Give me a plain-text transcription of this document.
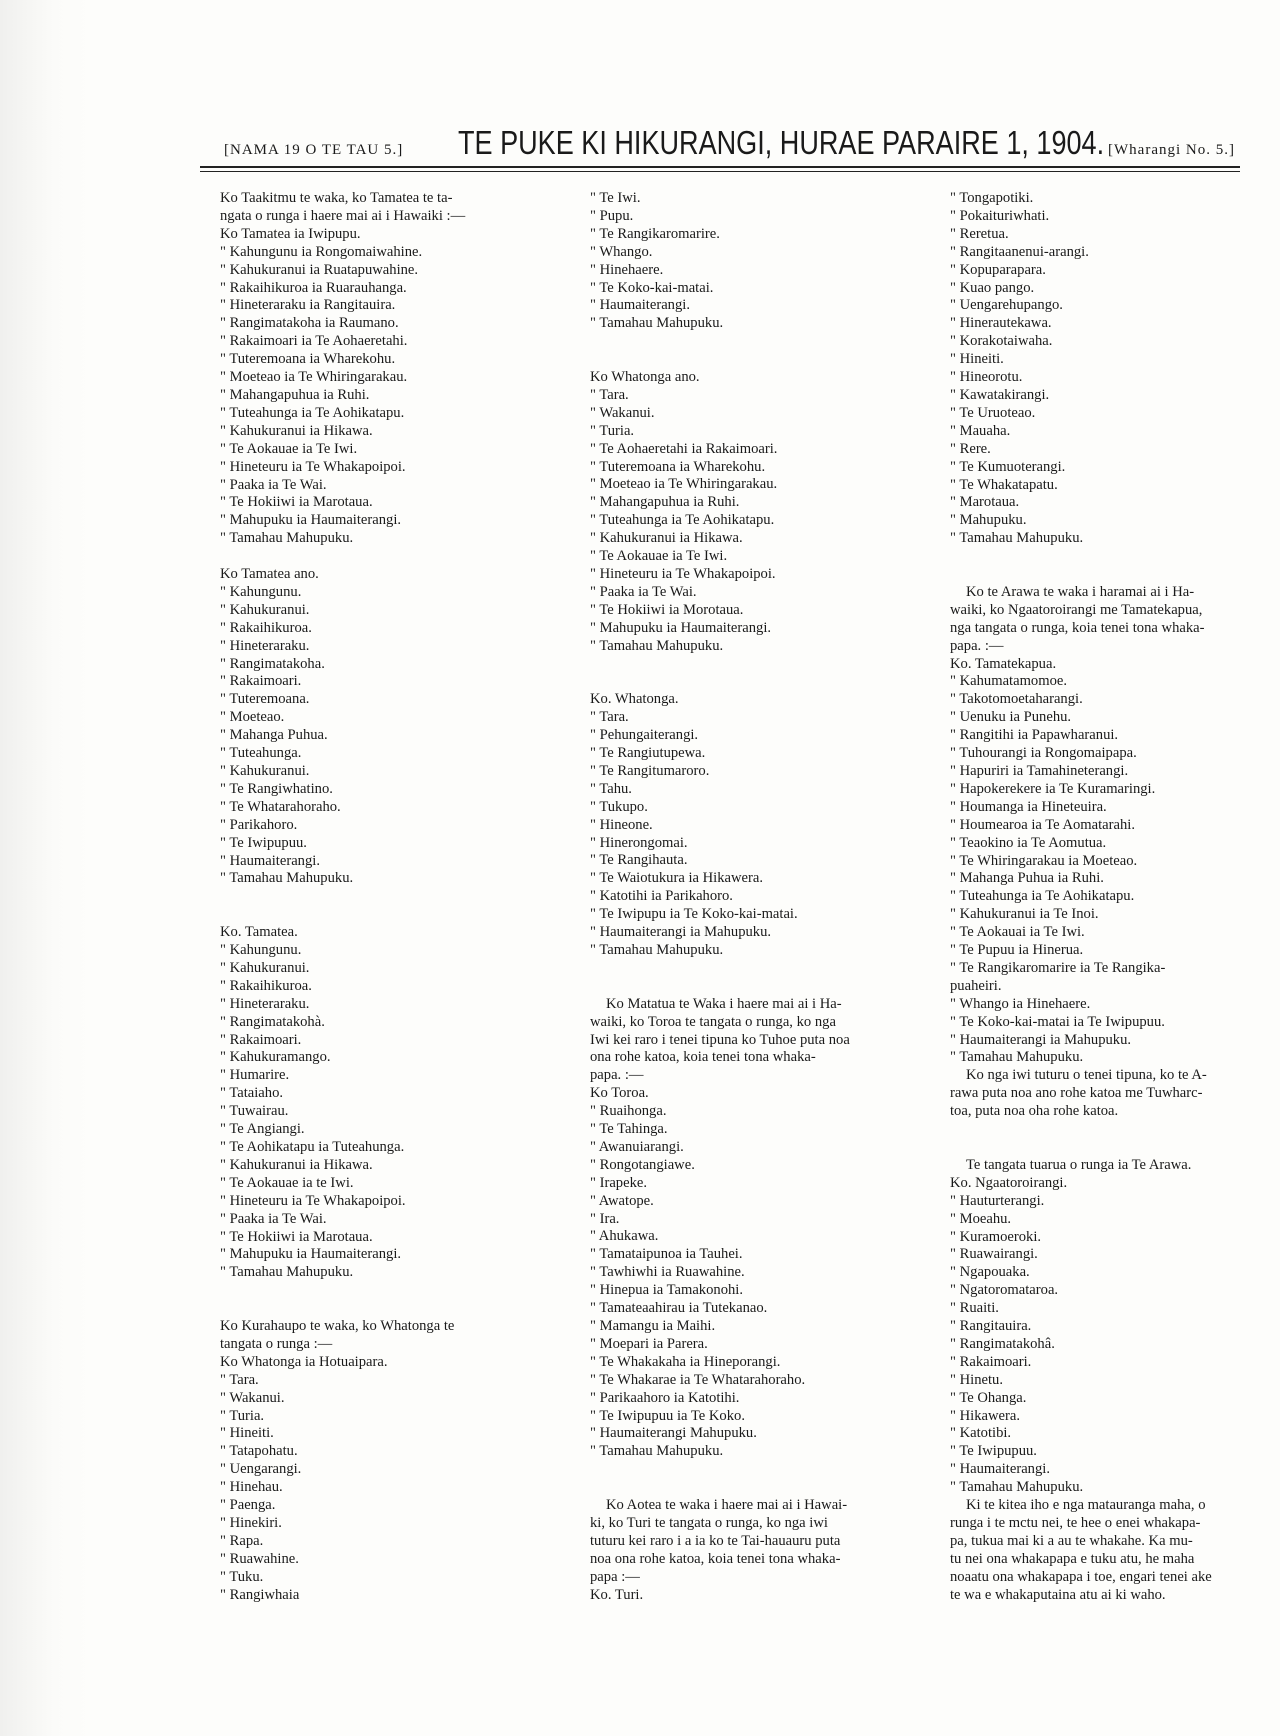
[NAMA 19 O TE TAU 5.] TE PUKE KI HIKURANGI, HURAE PARAIRE 1, 1904. [Wharangi No. 5.]
Ko Taakitmu te waka, ko Tamatea te ta-
ngata o runga i haere mai ai i Hawaiki :—
Ko Tamatea ia Iwipupu.
" Kahungunu ia Rongomaiwahine.
" Kahukuranui ia Ruatapuwahine.
" Rakaihikuroa ia Ruarauhanga.
" Hineteraraku ia Rangitauira.
" Rangimatakoha ia Raumano.
" Rakaimoari ia Te Aohaeretahi.
" Tuteremoana ia Wharekohu.
" Moeteao ia Te Whiringarakau.
" Mahangapuhua ia Ruhi.
" Tuteahunga ia Te Aohikatapu.
" Kahukuranui ia Hikawa.
" Te Aokauae ia Te Iwi.
" Hineteuru ia Te Whakapoipoi.
" Paaka ia Te Wai.
" Te Hokiiwi ia Marotaua.
" Mahupuku ia Haumaiterangi.
" Tamahau Mahupuku.
Ko Tamatea ano.
" Kahungunu.
" Kahukuranui.
" Rakaihikuroa.
" Hineteraraku.
" Rangimatakoha.
" Rakaimoari.
" Tuteremoana.
" Moeteao.
" Mahanga Puhua.
" Tuteahunga.
" Kahukuranui.
" Te Rangiwhatino.
" Te Whatarahoraho.
" Parikahoro.
" Te Iwipupuu.
" Haumaiterangi.
" Tamahau Mahupuku.
Ko. Tamatea.
" Kahungunu.
" Kahukuranui.
" Rakaihikuroa.
" Hineteraraku.
" Rangimatakohà.
" Rakaimoari.
" Kahukuramango.
" Humarire.
" Tataiaho.
" Tuwairau.
" Te Angiangi.
" Te Aohikatapu ia Tuteahunga.
" Kahukuranui ia Hikawa.
" Te Aokauae ia te Iwi.
" Hineteuru ia Te Whakapoipoi.
" Paaka ia Te Wai.
" Te Hokiiwi ia Marotaua.
" Mahupuku ia Haumaiterangi.
" Tamahau Mahupuku.
Ko Kurahaupo te waka, ko Whatonga te
tangata o runga :—
Ko Whatonga ia Hotuaipara.
" Tara.
" Wakanui.
" Turia.
" Hineiti.
" Tatapohatu.
" Uengarangi.
" Hinehau.
" Paenga.
" Hinekiri.
" Rapa.
" Ruawahine.
" Tuku.
" Rangiwhaia
" Te Iwi.
" Pupu.
" Te Rangikaromarire.
" Whango.
" Hinehaere.
" Te Koko-kai-matai.
" Haumaiterangi.
" Tamahau Mahupuku.
Ko Whatonga ano.
" Tara.
" Wakanui.
" Turia.
" Te Aohaeretahi ia Rakaimoari.
" Tuteremoana ia Wharekohu.
" Moeteao ia Te Whiringarakau.
" Mahangapuhua ia Ruhi.
" Tuteahunga ia Te Aohikatapu.
" Kahukuranui ia Hikawa.
" Te Aokauae ia Te Iwi.
" Hineteuru ia Te Whakapoipoi.
" Paaka ia Te Wai.
" Te Hokiiwi ia Morotaua.
" Mahupuku ia Haumaiterangi.
" Tamahau Mahupuku.
Ko. Whatonga.
" Tara.
" Pehungaiterangi.
" Te Rangiutupewa.
" Te Rangitumaroro.
" Tahu.
" Tukupo.
" Hineone.
" Hinerongomai.
" Te Rangihauta.
" Te Waiotukura ia Hikawera.
" Katotihi ia Parikahoro.
" Te Iwipupu ia Te Koko-kai-matai.
" Haumaiterangi ia Mahupuku.
" Tamahau Mahupuku.
Ko Matatua te Waka i haere mai ai i Ha-
waiki, ko Toroa te tangata o runga, ko nga
Iwi kei raro i tenei tipuna ko Tuhoe puta noa
ona rohe katoa, koia tenei tona whaka-
papa. :—
Ko Toroa.
" Ruaihonga.
" Te Tahinga.
" Awanuiarangi.
" Rongotangiawe.
" Irapeke.
" Awatope.
" Ira.
" Ahukawa.
" Tamataipunoa ia Tauhei.
" Tawhiwhi ia Ruawahine.
" Hinepua ia Tamakonohi.
" Tamateaahirau ia Tutekanao.
" Mamangu ia Maihi.
" Moepari ia Parera.
" Te Whakakaha ia Hineporangi.
" Te Whakarae ia Te Whatarahoraho.
" Parikaahoro ia Katotihi.
" Te Iwipupuu ia Te Koko.
" Haumaiterangi Mahupuku.
" Tamahau Mahupuku.
Ko Aotea te waka i haere mai ai i Hawai-
ki, ko Turi te tangata o runga, ko nga iwi
tuturu kei raro i a ia ko te Tai-hauauru puta
noa ona rohe katoa, koia tenei tona whaka-
papa :—
Ko. Turi.
" Tongapotiki.
" Pokaituriwhati.
" Reretua.
" Rangitaanenui-arangi.
" Kopuparapara.
" Kuao pango.
" Uengarehupango.
" Hinerautekawa.
" Korakotaiwaha.
" Hineiti.
" Hineorotu.
" Kawatakirangi.
" Te Uruoteao.
" Mauaha.
" Rere.
" Te Kumuoterangi.
" Te Whakatapatu.
" Marotaua.
" Mahupuku.
" Tamahau Mahupuku.
Ko te Arawa te waka i haramai ai i Ha-
waiki, ko Ngaatoroirangi me Tamatekapua,
nga tangata o runga, koia tenei tona whaka-
papa. :—
Ko. Tamatekapua.
" Kahumatamomoe.
" Takotomoetaharangi.
" Uenuku ia Punehu.
" Rangitihi ia Papawharanui.
" Tuhourangi ia Rongomaipapa.
" Hapuriri ia Tamahineterangi.
" Hapokerekere ia Te Kuramaringi.
" Houmanga ia Hineteuira.
" Houmearoa ia Te Aomatarahi.
" Teaokino ia Te Aomutua.
" Te Whiringarakau ia Moeteao.
" Mahanga Puhua ia Ruhi.
" Tuteahunga ia Te Aohikatapu.
" Kahukuranui ia Te Inoi.
" Te Aokauai ia Te Iwi.
" Te Pupuu ia Hinerua.
" Te Rangikaromarire ia Te Rangika-
puaheiri.
" Whango ia Hinehaere.
" Te Koko-kai-matai ia Te Iwipupuu.
" Haumaiterangi ia Mahupuku.
" Tamahau Mahupuku.
Ko nga iwi tuturu o tenei tipuna, ko te A-
rawa puta noa ano rohe katoa me Tuwharc-
toa, puta noa oha rohe katoa.
Te tangata tuarua o runga ia Te Arawa.
Ko. Ngaatoroirangi.
" Hauturterangi.
" Moeahu.
" Kuramoeroki.
" Ruawairangi.
" Ngapouaka.
" Ngatoromataroa.
" Ruaiti.
" Rangitauira.
" Rangimatakohâ.
" Rakaimoari.
" Hinetu.
" Te Ohanga.
" Hikawera.
" Katotibi.
" Te Iwipupuu.
" Haumaiterangi.
" Tamahau Mahupuku.
Ki te kitea iho e nga matauranga maha, o
runga i te mctu nei, te hee o enei whakapa-
pa, tukua mai ki a au te whakahe. Ka mu-
tu nei ona whakapapa e tuku atu, he maha
noaatu ona whakapapa i toe, engari tenei ake
te wa e whakaputaina atu ai ki waho.
